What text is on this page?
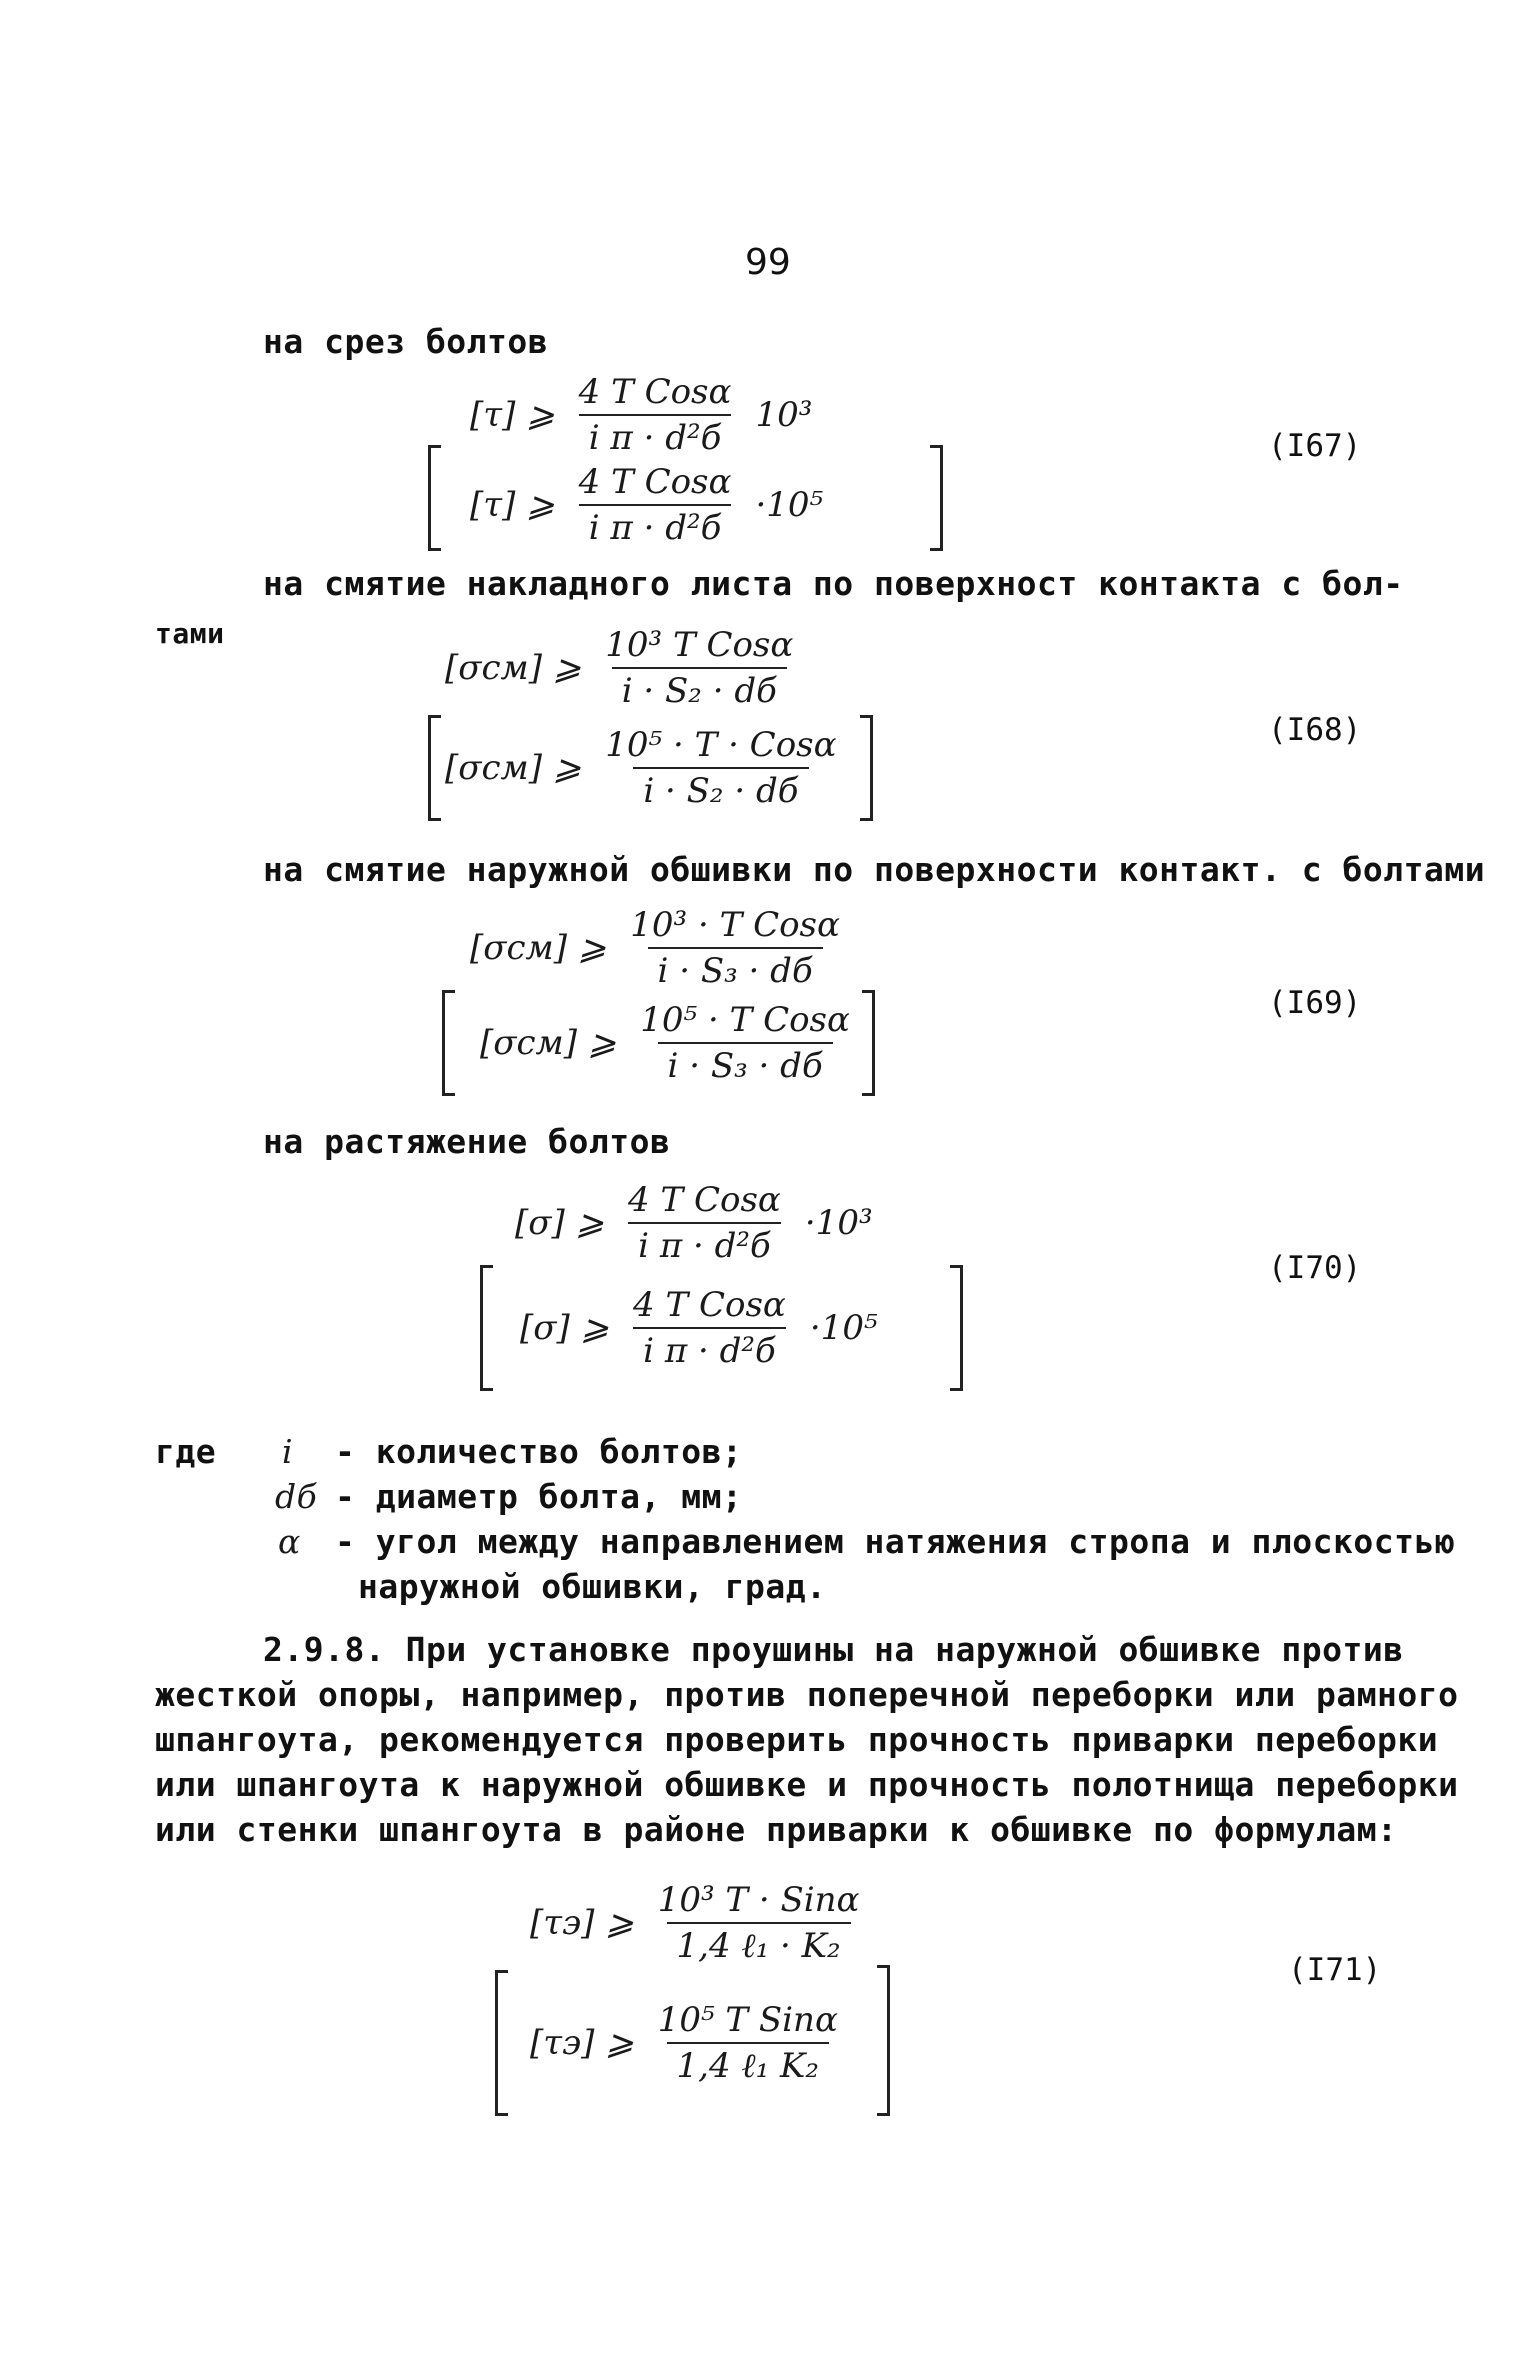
99
на срез болтов
[τ] ⩾ $\frac{\text{4 T Cosα}}{\text{i π · d²б}} 10^3$
[τ] ⩾ $\frac{\text{4 T Cosα}}{\text{i π · d²б}} \cdot 10^5$
(I67)
на смятие накладного листа по поверхност контакта с бол-
тами
[σсм] ⩾ $\frac{\text{10³ T Cosα}}{\text{i · S₂ · dб}}$
[σсм] ⩾ $\frac{\text{10⁵ · T · Cosα}}{\text{i · S₂ · dб}}$	(I68)
на смятие наружной обшивки по поверхности контакт. с болтами
[σсм] ⩾ $\frac{\text{10³ · T Cosα}}{\text{i · S₃ · dб}}$
[σсм] ⩾ $\frac{\text{10⁵ · T Cosα}}{\text{i · S₃ · dб}}$	(I69)
на растяжение болтов
[σ] ⩾ $\frac{\text{4 T Cosα}}{\text{i π · d²б}} \cdot 10^3$
[σ] ⩾ $\frac{\text{4 T Cosα}}{\text{i π · d²б}} \cdot 10^5$
(I70)
где i - количество болтов;
dб - диаметр болта, мм;
α - угол между направлением натяжения стропа и плоскостью
наружной обшивки, град.
2.9.8. При установке проушины на наружной обшивке против
жесткой опоры, например, против поперечной переборки или рамного
шпангоута, рекомендуется проверить прочность приварки переборки
или шпангоута к наружной обшивке и прочность полотнища переборки
или стенки шпангоута в районе приварки к обшивке по формулам:
[τэ] ⩾ $\frac{\text{10³ T · Sinα}}{\text{1,4 ℓ₁ · K₂}}$
[τэ] ⩾ $\frac{\text{10⁵ T Sinα}}{\text{1,4 ℓ₁ K₂}}$
(I71)
